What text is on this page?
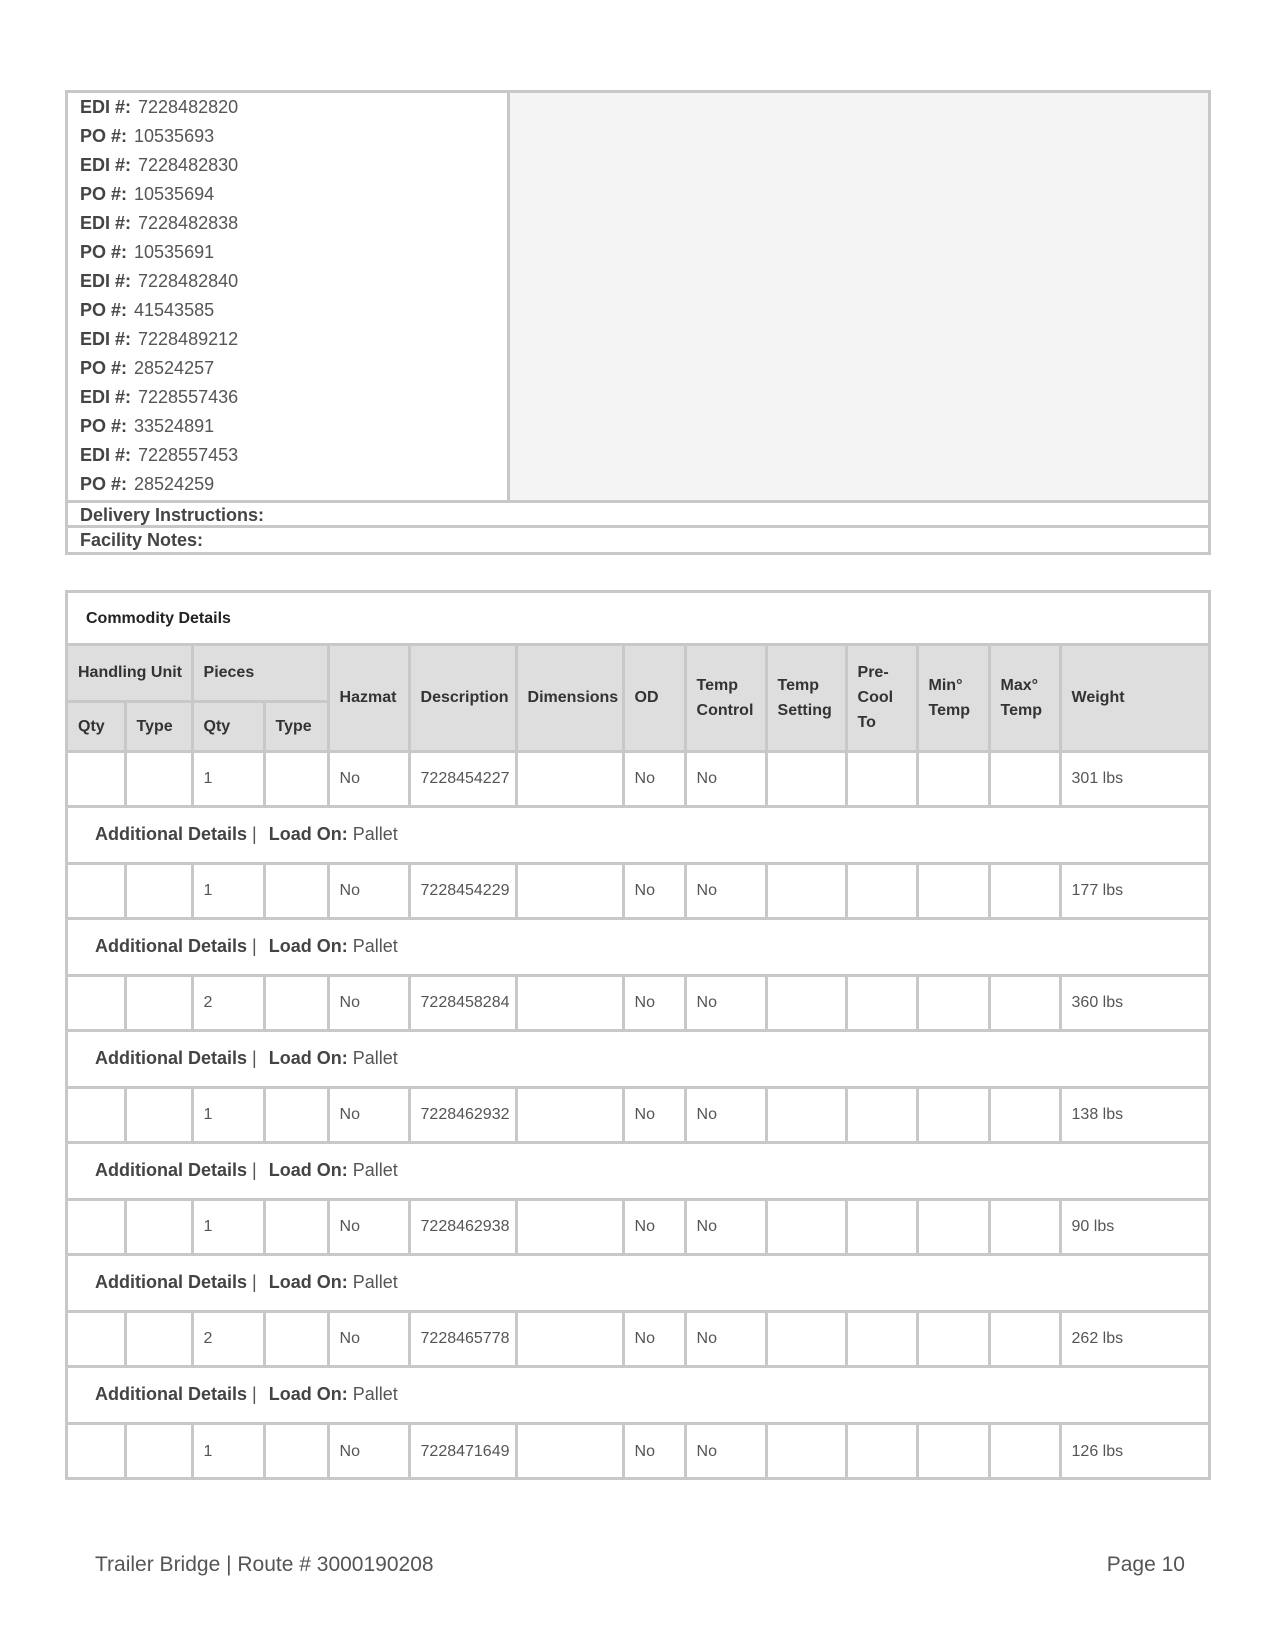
EDI #: 7228482820
PO #: 10535693
EDI #: 7228482830
PO #: 10535694
EDI #: 7228482838
PO #: 10535691
EDI #: 7228482840
PO #: 41543585
EDI #: 7228489212
PO #: 28524257
EDI #: 7228557436
PO #: 33524891
EDI #: 7228557453
PO #: 28524259
Delivery Instructions:
Facility Notes:
Commodity Details
Handling Unit		Pieces		Hazmat	Description	Dimensions	OD	Temp Control	Temp Setting	Pre-Cool To	Min° Temp	Max° Temp	Weight
Qty	Type	Qty	Type										
		1		No	7228454227		No	No					301 lbs
Additional Details | Load On: Pallet													
		1		No	7228454229		No	No					177 lbs
Additional Details | Load On: Pallet													
		2		No	7228458284		No	No					360 lbs
Additional Details | Load On: Pallet													
		1		No	7228462932		No	No					138 lbs
Additional Details | Load On: Pallet													
		1		No	7228462938		No	No					90 lbs
Additional Details | Load On: Pallet													
		2		No	7228465778		No	No					262 lbs
Additional Details | Load On: Pallet													
		1		No	7228471649		No	No					126 lbs
Trailer Bridge | Route # 3000190208	Page 10
